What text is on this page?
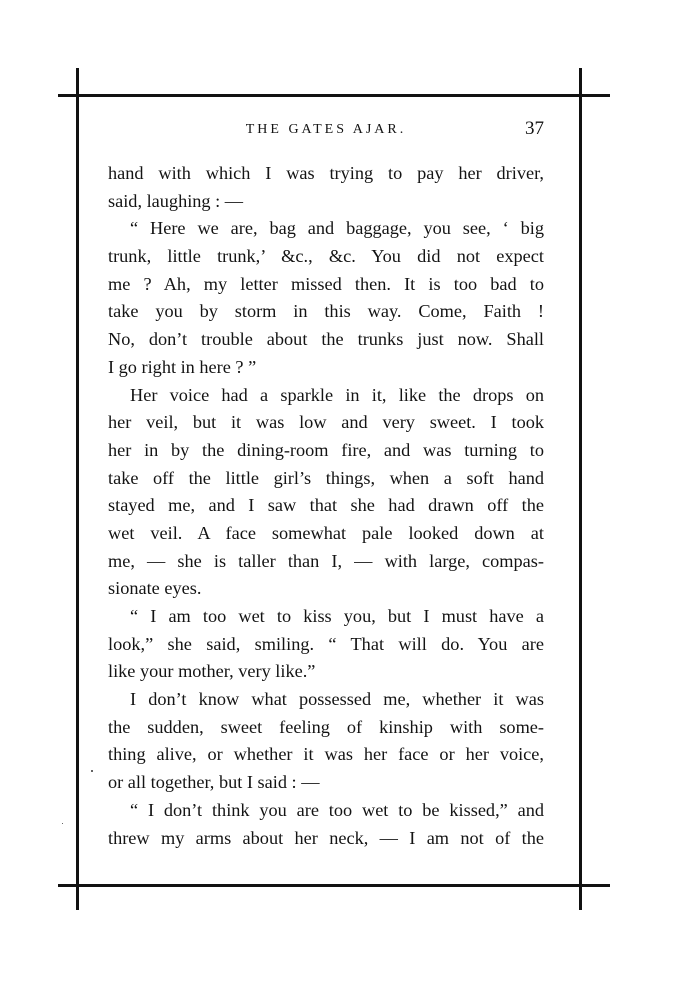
THE GATES AJAR.	37
hand with which I was trying to pay her driver,
said, laughing : —
“ Here we are, bag and baggage, you see, ‘ big
trunk, little trunk,’ &c., &c. You did not expect
me ? Ah, my letter missed then. It is too bad to
take you by storm in this way. Come, Faith !
No, don’t trouble about the trunks just now. Shall
I go right in here ? ”
Her voice had a sparkle in it, like the drops on
her veil, but it was low and very sweet. I took
her in by the dining-room fire, and was turning to
take off the little girl’s things, when a soft hand
stayed me, and I saw that she had drawn off the
wet veil. A face somewhat pale looked down at
me, — she is taller than I, — with large, compas-
sionate eyes.
“ I am too wet to kiss you, but I must have a
look,” she said, smiling. “ That will do. You are
like your mother, very like.”
I don’t know what possessed me, whether it was
the sudden, sweet feeling of kinship with some-
thing alive, or whether it was her face or her voice,
or all together, but I said : —
“ I don’t think you are too wet to be kissed,” and
threw my arms about her neck, — I am not of the
